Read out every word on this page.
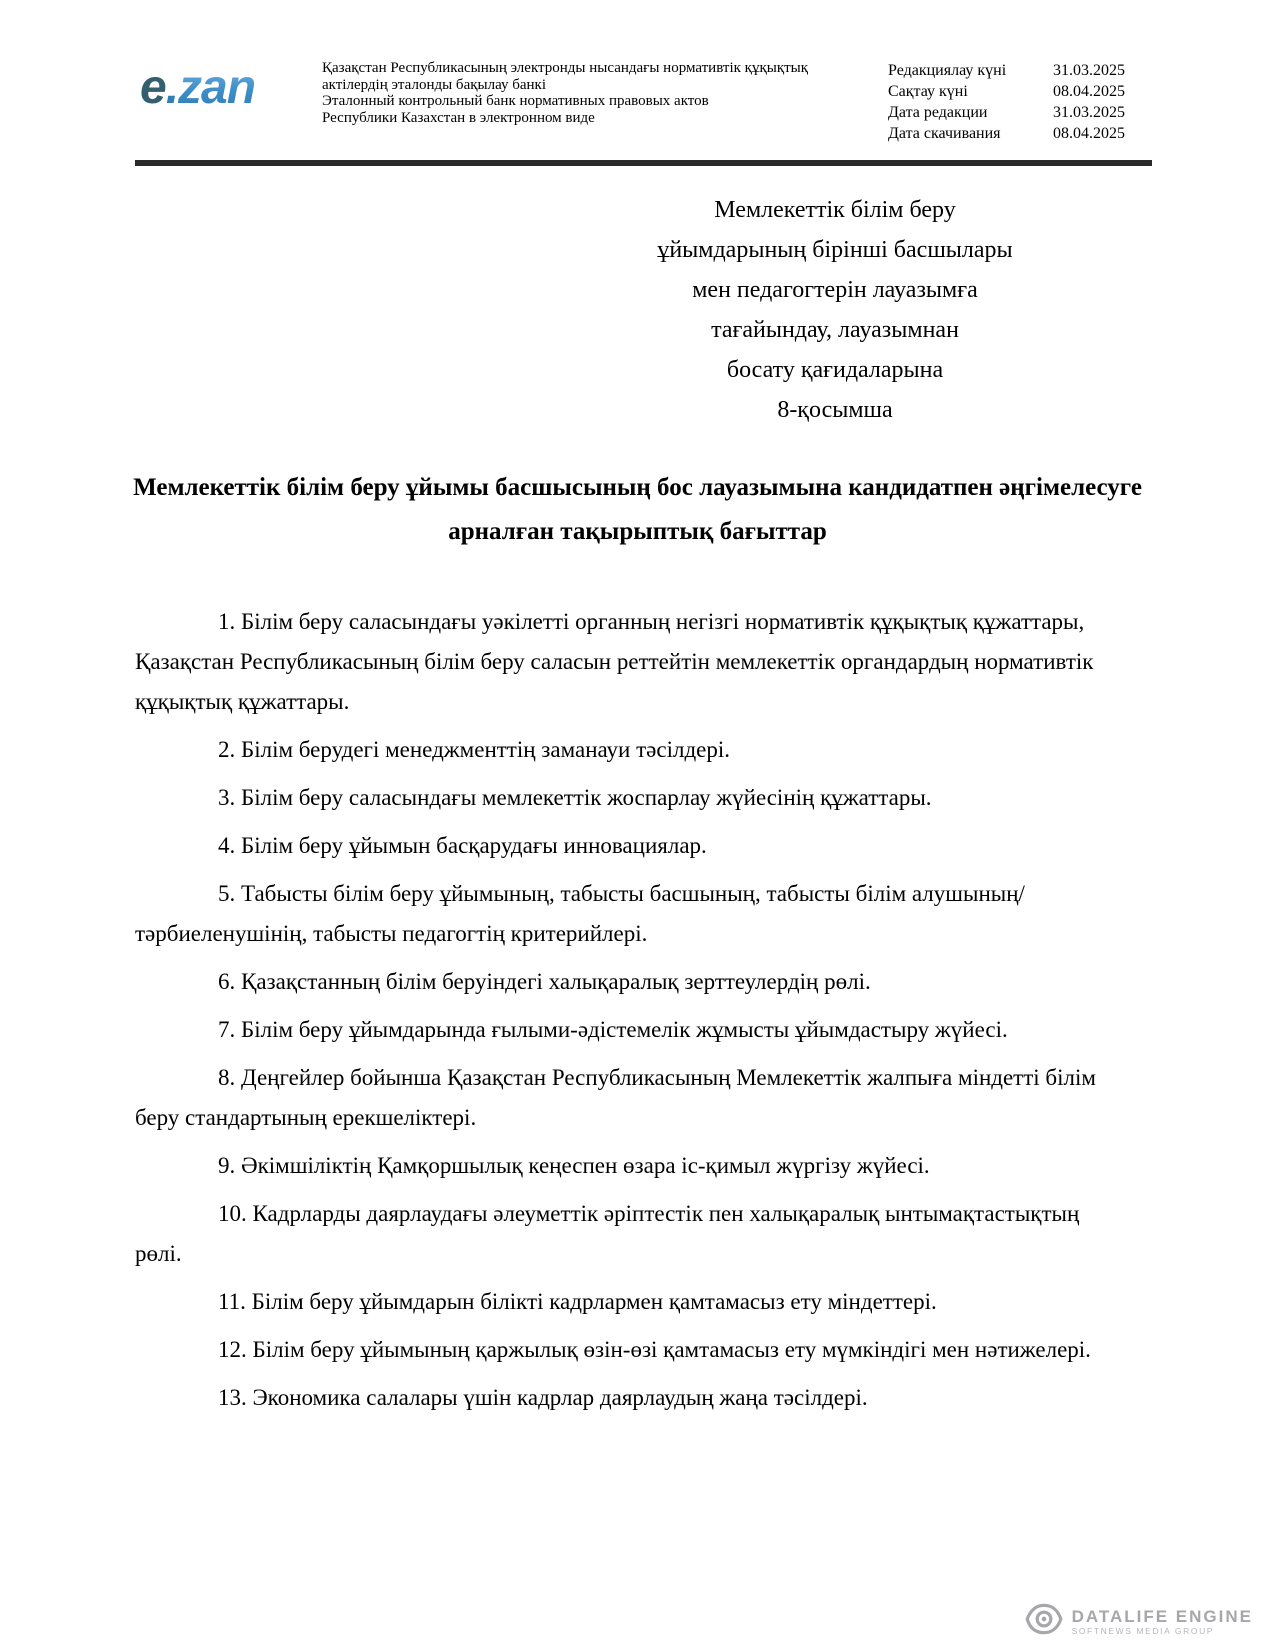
e.zan	Қазақстан Республикасының электронды нысандағы нормативтік құқықтық
актілердің эталонды бақылау банкі
Эталонный контрольный банк нормативных правовых актов
Республики Казахстан в электронном виде
Редакциялау күні	31.03.2025
Сақтау күні	08.04.2025
Дата редакции	31.03.2025
Дата скачивания	08.04.2025
Мемлекеттік білім беру
ұйымдарының бірінші басшылары
мен педагогтерін лауазымға
тағайындау, лауазымнан
босату қағидаларына
8-қосымша
Мемлекеттік білім беру ұйымы басшысының бос лауазымына кандидатпен әңгімелесуге арналған тақырыптық бағыттар

1. Білім беру саласындағы уәкілетті органның негізгі нормативтік құқықтық құжаттары, Қазақстан Республикасының білім беру саласын реттейтін мемлекеттік органдардың нормативтік құқықтық құжаттары.

2. Білім берудегі менеджменттің заманауи тәсілдері.

3. Білім беру саласындағы мемлекеттік жоспарлау жүйесінің құжаттары.

4. Білім беру ұйымын басқарудағы инновациялар.

5. Табысты білім беру ұйымының, табысты басшының, табысты білім алушының/тәрбиеленушінің, табысты педагогтің критерийлері.

6. Қазақстанның білім беруіндегі халықаралық зерттеулердің рөлі.

7. Білім беру ұйымдарында ғылыми-әдістемелік жұмысты ұйымдастыру жүйесі.

8. Деңгейлер бойынша Қазақстан Республикасының Мемлекеттік жалпыға міндетті білім беру стандартының ерекшеліктері.

9. Әкімшіліктің Қамқоршылық кеңеспен өзара іс-қимыл жүргізу жүйесі.

10. Кадрларды даярлаудағы әлеуметтік әріптестік пен халықаралық ынтымақтастықтың рөлі.

11. Білім беру ұйымдарын білікті кадрлармен қамтамасыз ету міндеттері.

12. Білім беру ұйымының қаржылық өзін-өзі қамтамасыз ету мүмкіндігі мен нәтижелері.

13. Экономика салалары үшін кадрлар даярлаудың жаңа тәсілдері.

DATALIFE ENGINE
SOFTNEWS MEDIA GROUP
